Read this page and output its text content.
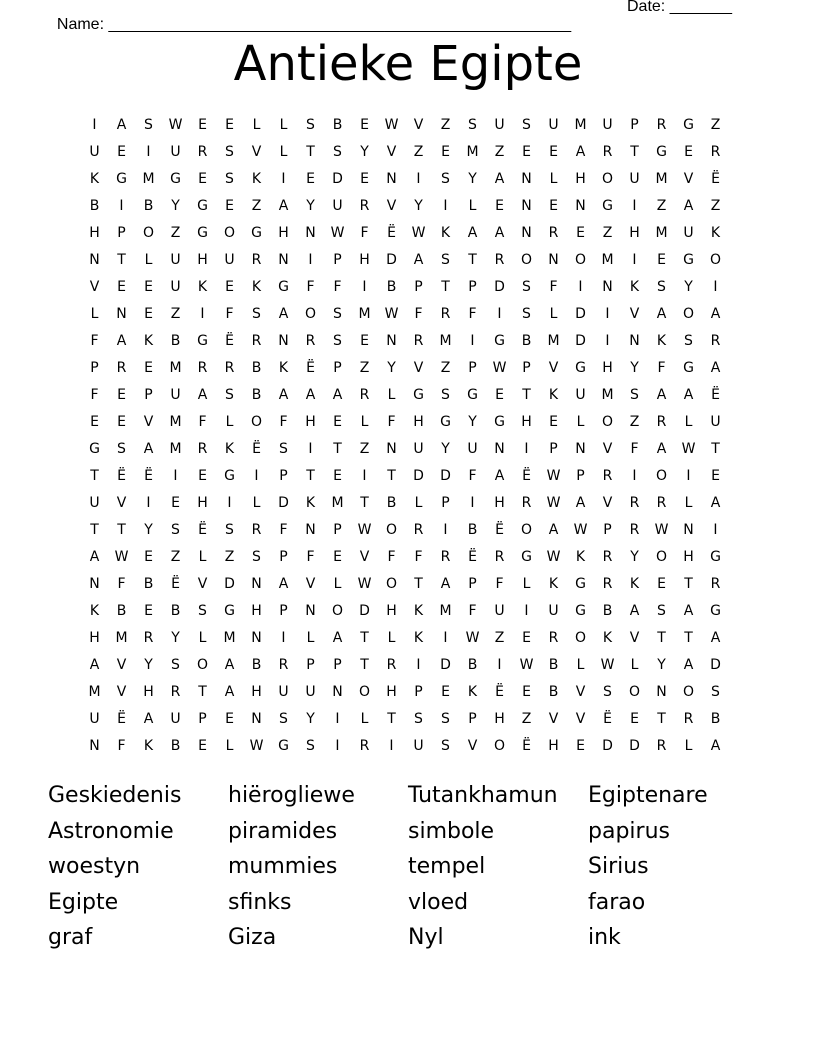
Name: ____________________________________________________

Date: _______

Antieke Egipte
I	A	S	W	E	E	L	L	S	B	E	W	V	Z	S	U	S	U	M	U	P	R	G	Z
U	E	I	U	R	S	V	L	T	S	Y	V	Z	E	M	Z	E	E	A	R	T	G	E	R
K	G	M	G	E	S	K	I	E	D	E	N	I	S	Y	A	N	L	H	O	U	M	V	Ë
B	I	B	Y	G	E	Z	A	Y	U	R	V	Y	I	L	E	N	E	N	G	I	Z	A	Z
H	P	O	Z	G	O	G	H	N	W	F	Ë	W	K	A	A	N	R	E	Z	H	M	U	K
N	T	L	U	H	U	R	N	I	P	H	D	A	S	T	R	O	N	O	M	I	E	G	O
V	E	E	U	K	E	K	G	F	F	I	B	P	T	P	D	S	F	I	N	K	S	Y	I
L	N	E	Z	I	F	S	A	O	S	M	W	F	R	F	I	S	L	D	I	V	A	O	A
F	A	K	B	G	Ë	R	N	R	S	E	N	R	M	I	G	B	M	D	I	N	K	S	R
P	R	E	M	R	R	B	K	Ë	P	Z	Y	V	Z	P	W	P	V	G	H	Y	F	G	A
F	E	P	U	A	S	B	A	A	A	R	L	G	S	G	E	T	K	U	M	S	A	A	Ë
E	E	V	M	F	L	O	F	H	E	L	F	H	G	Y	G	H	E	L	O	Z	R	L	U
G	S	A	M	R	K	Ë	S	I	T	Z	N	U	Y	U	N	I	P	N	V	F	A	W	T
T	Ë	Ë	I	E	G	I	P	T	E	I	T	D	D	F	A	Ë	W	P	R	I	O	I	E
U	V	I	E	H	I	L	D	K	M	T	B	L	P	I	H	R	W	A	V	R	R	L	A
T	T	Y	S	Ë	S	R	F	N	P	W	O	R	I	B	Ë	O	A	W	P	R	W	N	I
A	W	E	Z	L	Z	S	P	F	E	V	F	F	R	Ë	R	G	W	K	R	Y	O	H	G
N	F	B	Ë	V	D	N	A	V	L	W	O	T	A	P	F	L	K	G	R	K	E	T	R
K	B	E	B	S	G	H	P	N	O	D	H	K	M	F	U	I	U	G	B	A	S	A	G
H	M	R	Y	L	M	N	I	L	A	T	L	K	I	W	Z	E	R	O	K	V	T	T	A
A	V	Y	S	O	A	B	R	P	P	T	R	I	D	B	I	W	B	L	W	L	Y	A	D
M	V	H	R	T	A	H	U	U	N	O	H	P	E	K	Ë	E	B	V	S	O	N	O	S
U	Ë	A	U	P	E	N	S	Y	I	L	T	S	S	P	H	Z	V	V	Ë	E	T	R	B
N	F	K	B	E	L	W	G	S	I	R	I	U	S	V	O	Ë	H	E	D	D	R	L	A
Geskiedenis	hiërogliewe	Tutankhamun	Egiptenare
Astronomie	piramides	simbole	papirus
woestyn	mummies	tempel	Sirius
Egipte	sfinks	vloed	farao
graf	Giza	Nyl	ink
